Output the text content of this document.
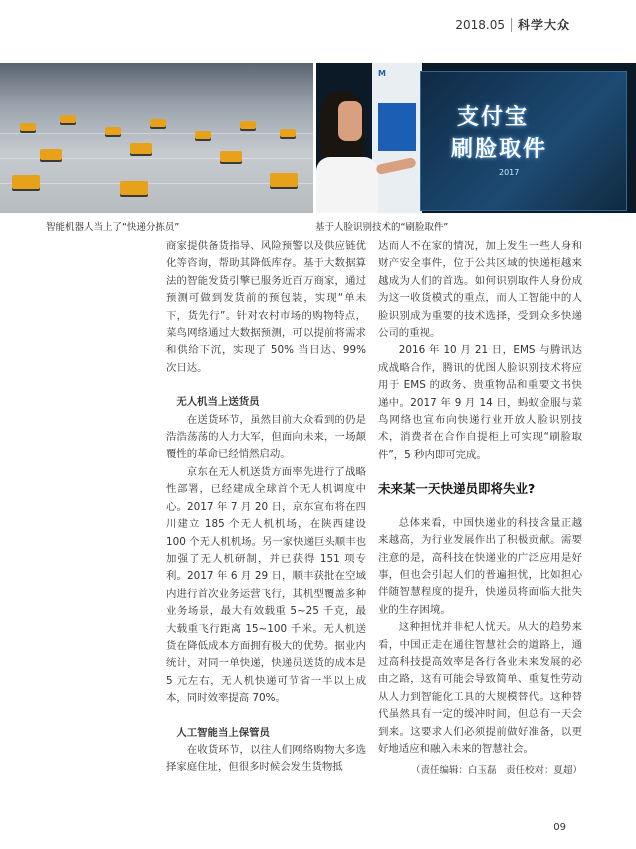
2018.05 科学大众
M
支付宝
刷脸取件
2017
智能机器人当上了“快递分拣员”	基于人脸识别技术的“刷脸取件”

商家提供备货指导、风险预警以及供应链优化等咨询，帮助其降低库存。基于大数据算法的智能发货引擎已服务近百万商家，通过预测可做到发货前的预包装，实现“单未下，货先行”。针对农村市场的购物特点，菜鸟网络通过大数据预测，可以提前将需求和供给下沉，实现了 50% 当日达、99% 次日达。

无人机当上送货员

在送货环节，虽然目前大众看到的仍是浩浩荡荡的人力大军，但面向未来，一场颠覆性的革命已经悄然启动。

京东在无人机送货方面率先进行了战略性部署，已经建成全球首个无人机调度中心。2017 年 7 月 20 日，京东宣布将在四川建立 185 个无人机机场，在陕西建设 100 个无人机机场。另一家快递巨头顺丰也加强了无人机研制，并已获得 151 项专利。2017 年 6 月 29 日，顺丰获批在空域内进行首次业务运营飞行，其机型覆盖多种业务场景，最大有效载重 5~25 千克，最大载重飞行距离 15~100 千米。无人机送货在降低成本方面拥有极大的优势。据业内统计，对同一单快递，快递员送货的成本是 5 元左右，无人机快递可节省一半以上成本，同时效率提高 70%。

人工智能当上保管员

在收货环节，以往人们网络购物大多选择家庭住址，但很多时候会发生货物抵

达而人不在家的情况，加上发生一些人身和财产安全事件，位于公共区域的快递柜越来越成为人们的首选。如何识别取件人身份成为这一收货模式的重点，而人工智能中的人脸识别成为重要的技术选择，受到众多快递公司的重视。

2016 年 10 月 21 日，EMS 与腾讯达成战略合作，腾讯的优图人脸识别技术将应用于 EMS 的政务、贵重物品和重要文书快递中。2017 年 9 月 14 日，蚂蚁金服与菜鸟网络也宣布向快递行业开放人脸识别技术，消费者在合作自提柜上可实现“刷脸取件”，5 秒内即可完成。

未来某一天快递员即将失业?

总体来看，中国快递业的科技含量正越来越高，为行业发展作出了积极贡献。需要注意的是，高科技在快递业的广泛应用是好事，但也会引起人们的普遍担忧，比如担心伴随智慧程度的提升，快递员将面临大批失业的生存困境。

这种担忧并非杞人忧天。从大的趋势来看，中国正走在通往智慧社会的道路上，通过高科技提高效率是各行各业未来发展的必由之路，这有可能会导致简单、重复性劳动从人力到智能化工具的大规模替代。这种替代虽然具有一定的缓冲时间，但总有一天会到来。这要求人们必须提前做好准备，以更好地适应和融入未来的智慧社会。

（责任编辑：白玉磊　责任校对：夏超）
09
